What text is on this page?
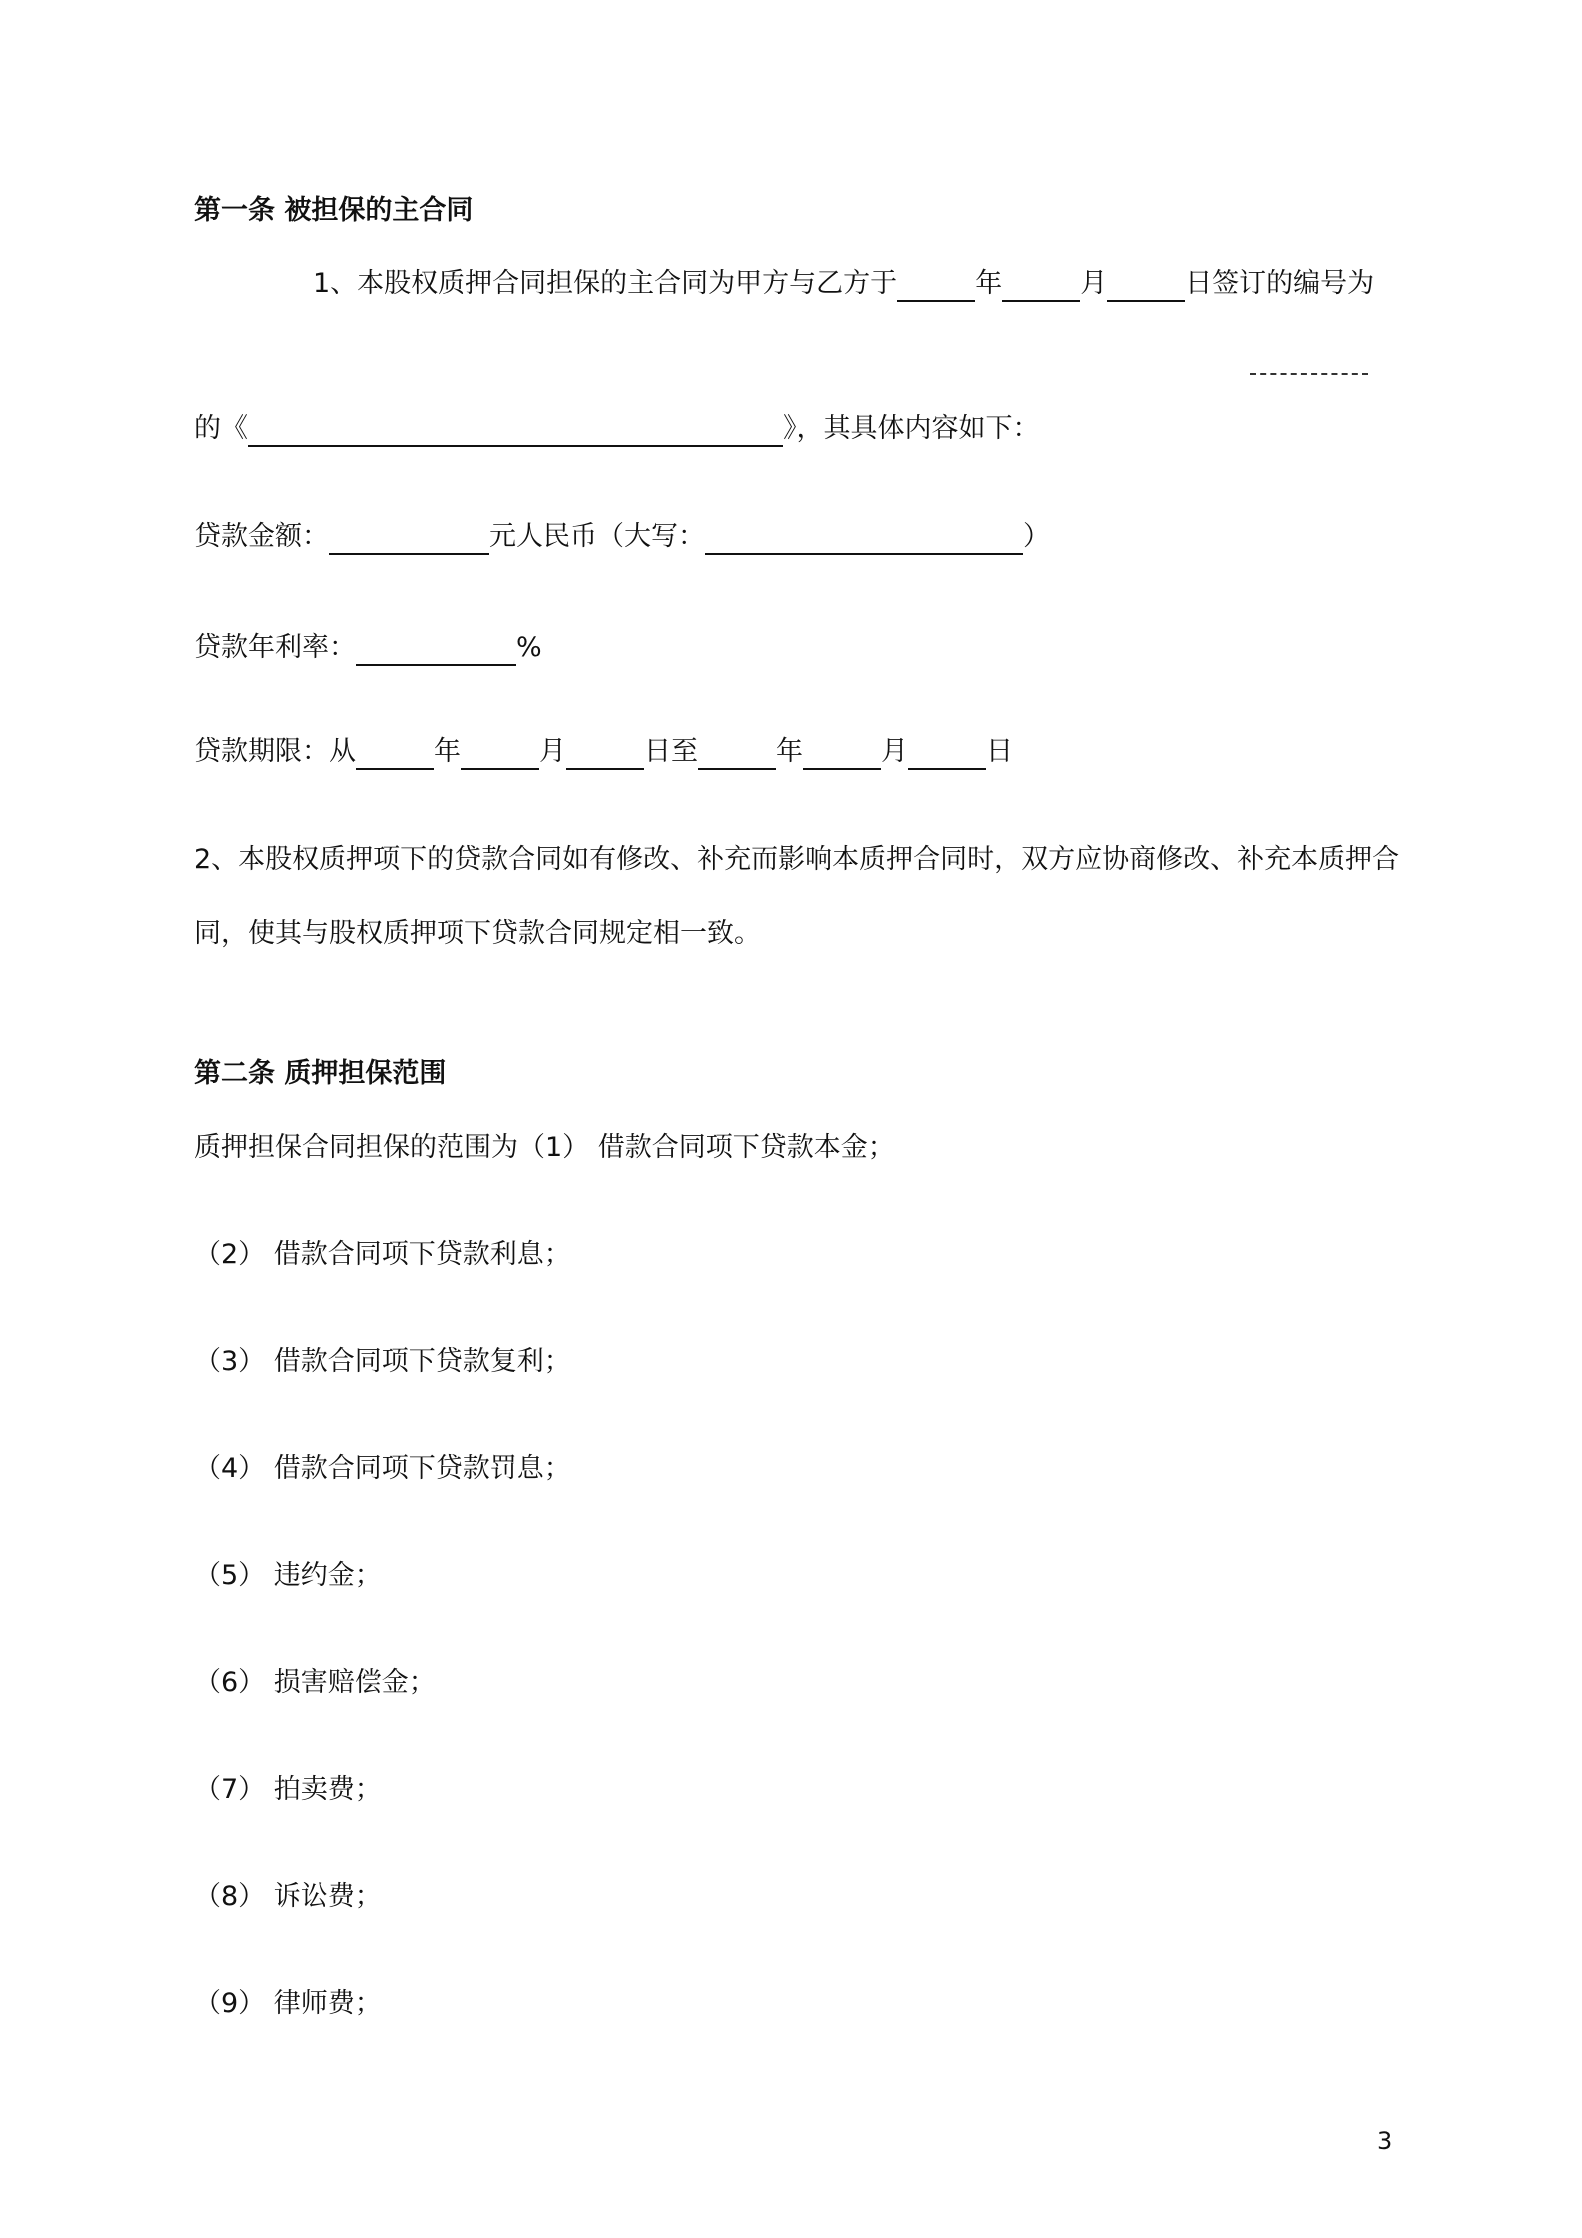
第一条 被担保的主合同
1、本股权质押合同担保的主合同为甲方与乙方于	年	月	日签订的编号为
的《	》，其具体内容如下：
贷款金额：	元人民币（大写：	）
贷款年利率：	%
贷款期限：从	年	月	日至	年	月	日
2、本股权质押项下的贷款合同如有修改、补充而影响本质押合同时，双方应协商修改、补充本质押合
同，使其与股权质押项下贷款合同规定相一致。
第二条 质押担保范围
质押担保合同担保的范围为（1） 借款合同项下贷款本金；
（2） 借款合同项下贷款利息；
（3） 借款合同项下贷款复利；
（4） 借款合同项下贷款罚息；
（5） 违约金；
（6） 损害赔偿金；
（7） 拍卖费；
（8） 诉讼费；
（9） 律师费；
3
